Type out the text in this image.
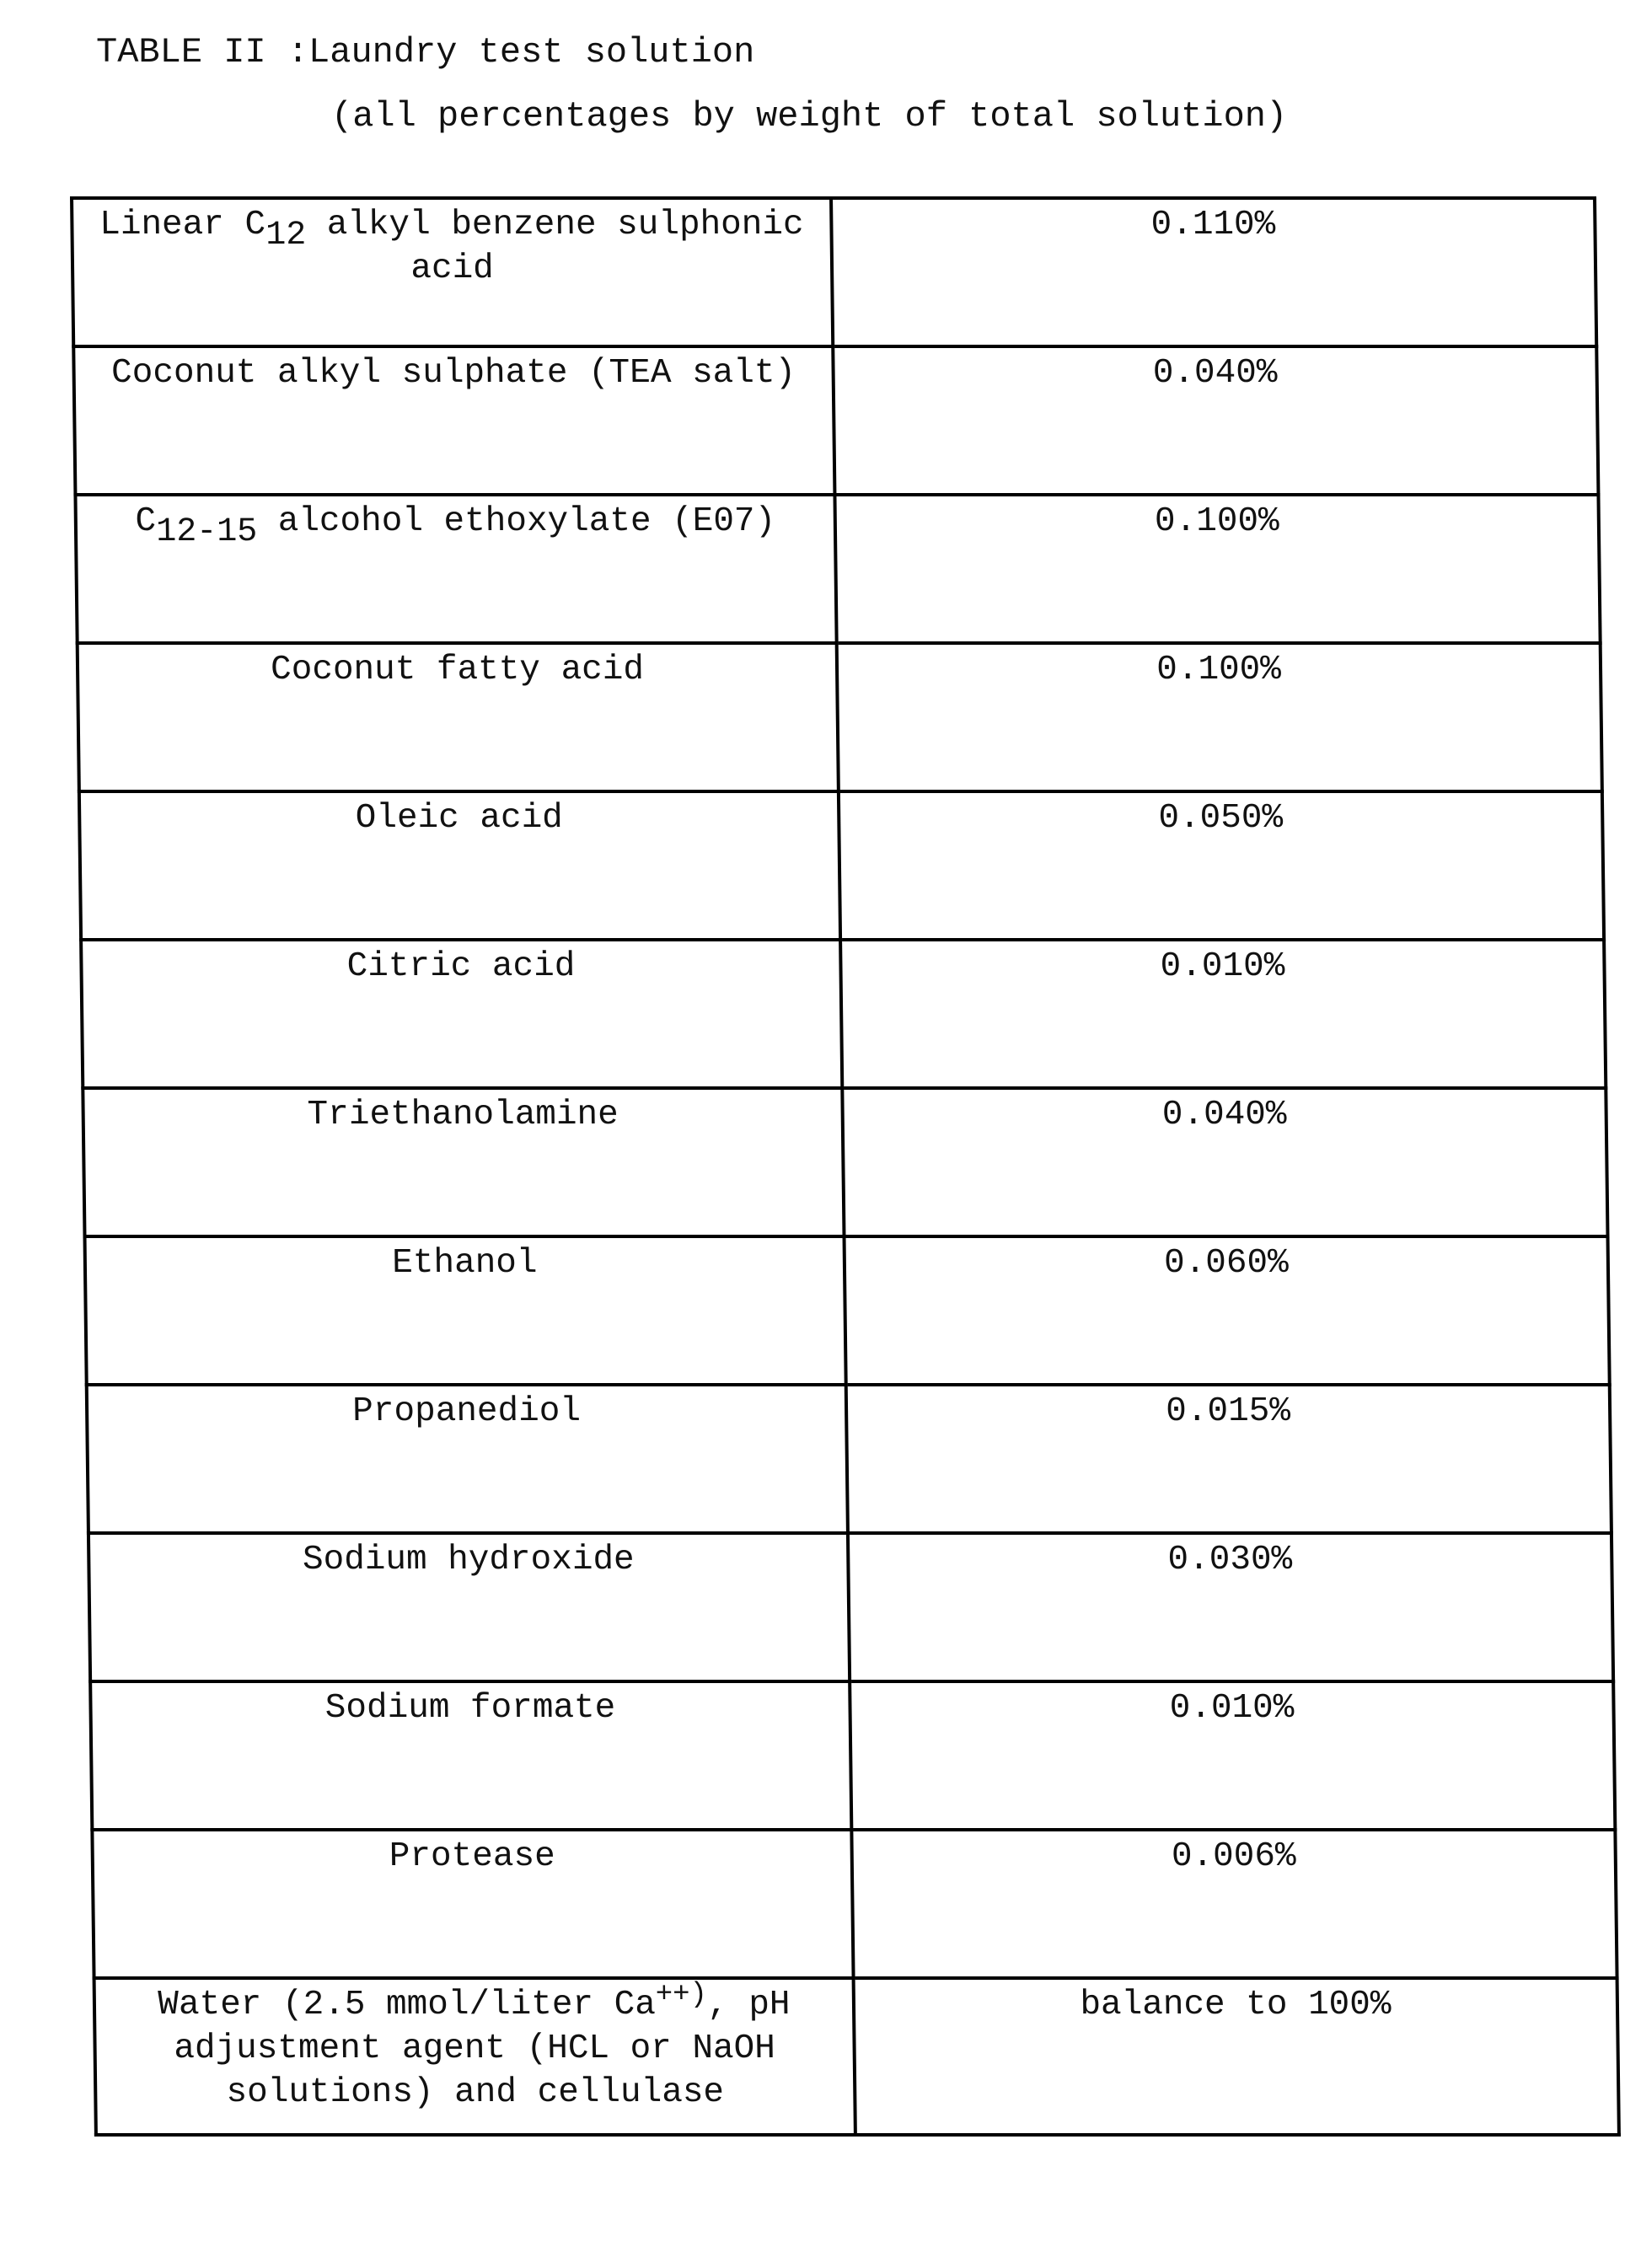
TABLE II :Laundry test solution
(all percentages by weight of total solution)
Linear $C_{12}$ alkyl benzene sulphonic acid	0.110%
Coconut alkyl sulphate (TEA salt)	0.040%
$C_{12-15}$ alcohol ethoxylate (E07)	0.100%
Coconut fatty acid	0.100%
Oleic acid	0.050%
Citric acid	0.010%
Triethanolamine	0.040%
Ethanol	0.060%
Propanediol	0.015%
Sodium hydroxide	0.030%
Sodium formate	0.010%
Protease	0.006%
Water (2.5 mmol/liter Ca++), pH adjustment agent (HCL or NaOH solutions) and cellulase	balance to 100%
